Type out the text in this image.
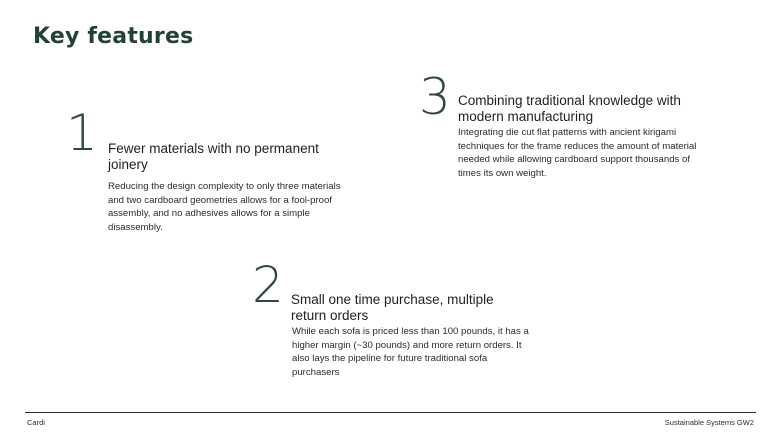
Key features
1 Fewer materials with no permanent joinery

Reducing the design complexity to only three materials and two cardboard geometries allows for a fool-proof assembly, and no adhesives allows for a simple disassembly.

3 Combining traditional knowledge with modern manufacturing

Integrating die cut flat patterns with ancient kirigami techniques for the frame reduces the amount of material needed while allowing cardboard support thousands of times its own weight.

2 Small one time purchase, multiple return orders

While each sofa is priced less than 100 pounds, it has a higher margin (~30 pounds) and more return orders. It also lays the pipeline for future traditional sofa purchasers

Cardi	Sustainable Systems GW2
